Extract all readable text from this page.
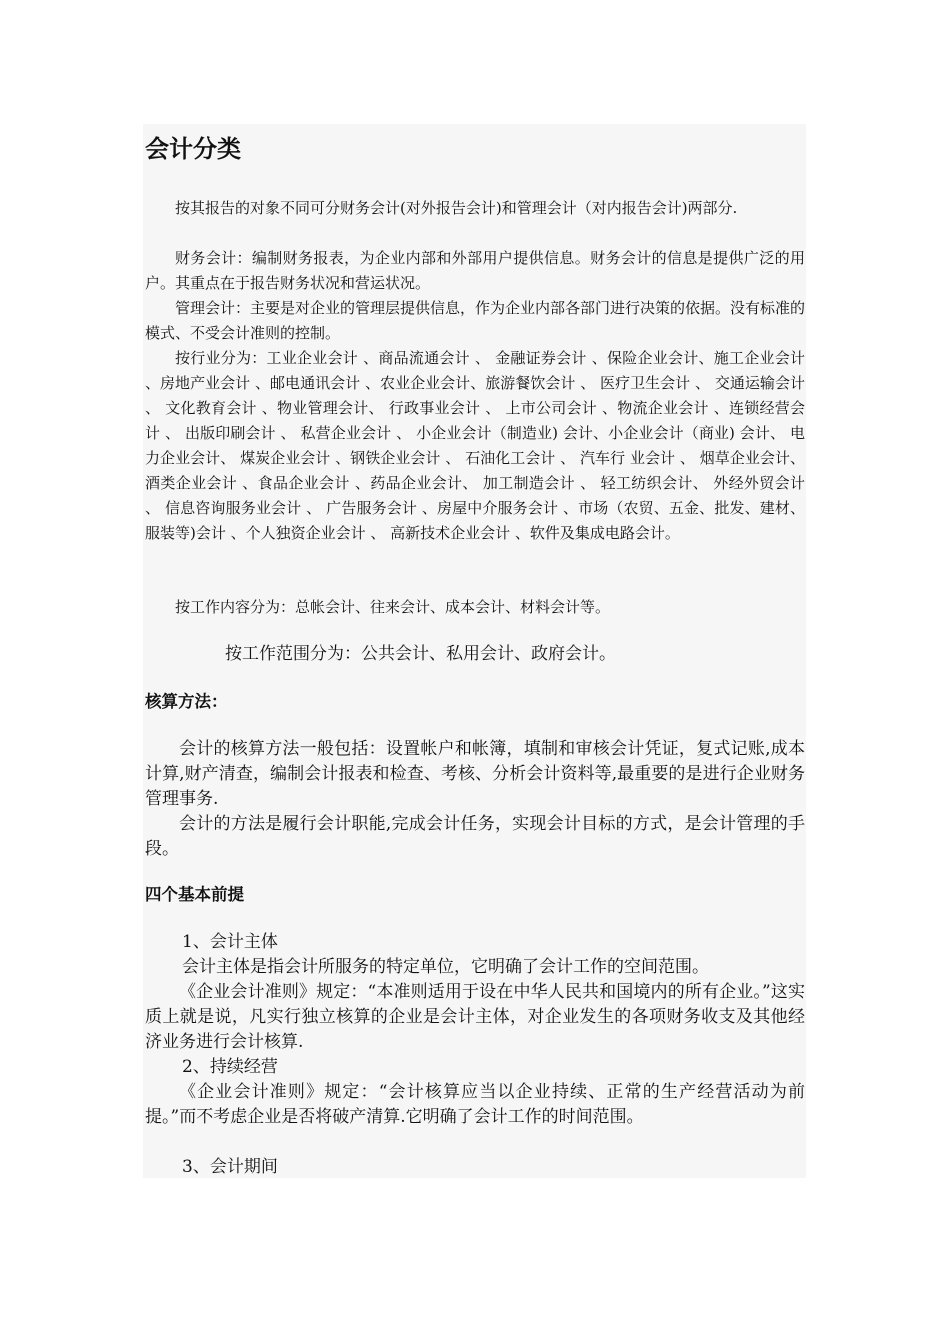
会计分类

按其报告的对象不同可分财务会计(对外报告会计)和管理会计（对内报告会计)两部分.

财务会计：编制财务报表，为企业内部和外部用户提供信息。财务会计的信息是提供广泛的用户。其重点在于报告财务状况和营运状况。

管理会计：主要是对企业的管理层提供信息，作为企业内部各部门进行决策的依据。没有标准的模式、不受会计准则的控制。

按行业分为：工业企业会计 、商品流通会计 、 金融证券会计 、保险企业会计、施工企业会计 、房地产业会计 、邮电通讯会计 、农业企业会计、旅游餐饮会计 、 医疗卫生会计 、 交通运输会计 、 文化教育会计 、物业管理会计、 行政事业会计 、 上市公司会计 、物流企业会计 、连锁经营会计 、 出版印刷会计 、 私营企业会计 、 小企业会计（制造业) 会计、小企业会计（商业) 会计、 电力企业会计、 煤炭企业会计 、钢铁企业会计 、 石油化工会计 、 汽车行 业会计 、 烟草企业会计、 酒类企业会计 、食品企业会计 、药品企业会计、 加工制造会计 、 轻工纺织会计、 外经外贸会计 、 信息咨询服务业会计 、 广告服务会计 、房屋中介服务会计 、市场（农贸、五金、批发、建材、服装等)会计 、个人独资企业会计 、 高新技术企业会计 、软件及集成电路会计。

按工作内容分为：总帐会计、往来会计、成本会计、材料会计等。

按工作范围分为：公共会计、私用会计、政府会计。

核算方法：

会计的核算方法一般包括：设置帐户和帐簿，填制和审核会计凭证，复式记账,成本计算,财产清查，编制会计报表和检查、考核、分析会计资料等,最重要的是进行企业财务管理事务.

会计的方法是履行会计职能,完成会计任务，实现会计目标的方式，是会计管理的手段。

四个基本前提

1、会计主体

会计主体是指会计所服务的特定单位，它明确了会计工作的空间范围。

《企业会计准则》规定：“本准则适用于设在中华人民共和国境内的所有企业。”这实质上就是说，凡实行独立核算的企业是会计主体，对企业发生的各项财务收支及其他经济业务进行会计核算.

2、持续经营

《企业会计准则》规定：“会计核算应当以企业持续、正常的生产经营活动为前提。”而不考虑企业是否将破产清算.它明确了会计工作的时间范围。

3、会计期间
